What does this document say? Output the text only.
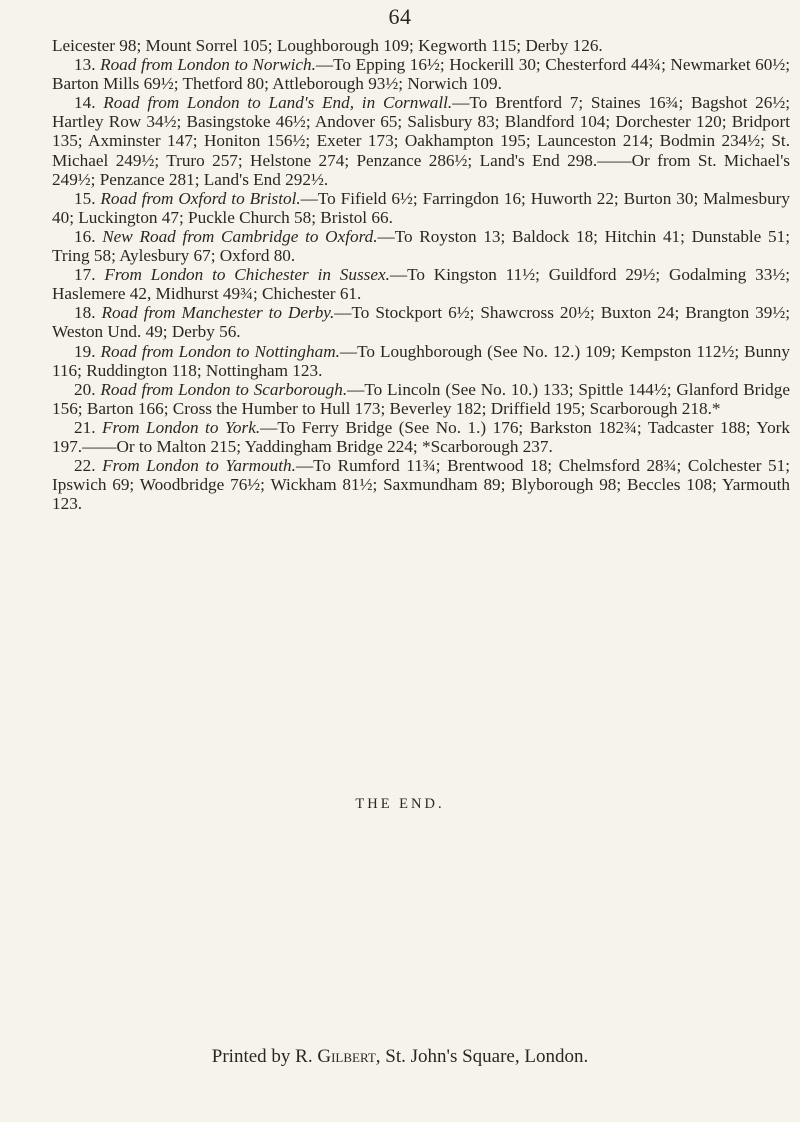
64

Leicester 98; Mount Sorrel 105; Loughborough 109; Kegworth 115; Derby 126.

13. Road from London to Norwich.—To Epping 16½; Hockerill 30; Chesterford 44¾; Newmarket 60½; Barton Mills 69½; Thetford 80; Attleborough 93½; Norwich 109.

14. Road from London to Land's End, in Cornwall.—To Brentford 7; Staines 16¾; Bagshot 26½; Hartley Row 34½; Basingstoke 46½; Andover 65; Salisbury 83; Blandford 104; Dorchester 120; Bridport 135; Axminster 147; Honiton 156½; Exeter 173; Oakhampton 195; Launceston 214; Bodmin 234½; St. Michael 249½; Truro 257; Helstone 274; Penzance 286½; Land's End 298.——Or from St. Michael's 249½; Penzance 281; Land's End 292½.

15. Road from Oxford to Bristol.—To Fifield 6½; Farringdon 16; Huworth 22; Burton 30; Malmesbury 40; Luckington 47; Puckle Church 58; Bristol 66.

16. New Road from Cambridge to Oxford.—To Royston 13; Baldock 18; Hitchin 41; Dunstable 51; Tring 58; Aylesbury 67; Oxford 80.

17. From London to Chichester in Sussex.—To Kingston 11½; Guildford 29½; Godalming 33½; Haslemere 42, Midhurst 49¾; Chichester 61.

18. Road from Manchester to Derby.—To Stockport 6½; Shawcross 20½; Buxton 24; Brangton 39½; Weston Und. 49; Derby 56.

19. Road from London to Nottingham.—To Loughborough (See No. 12.) 109; Kempston 112½; Bunny 116; Ruddington 118; Nottingham 123.

20. Road from London to Scarborough.—To Lincoln (See No. 10.) 133; Spittle 144½; Glanford Bridge 156; Barton 166; Cross the Humber to Hull 173; Beverley 182; Driffield 195; Scarborough 218.*

21. From London to York.—To Ferry Bridge (See No. 1.) 176; Barkston 182¾; Tadcaster 188; York 197.——Or to Malton 215; Yaddingham Bridge 224; *Scarborough 237.

22. From London to Yarmouth.—To Rumford 11¾; Brentwood 18; Chelmsford 28¾; Colchester 51; Ipswich 69; Woodbridge 76½; Wickham 81½; Saxmundham 89; Blyborough 98; Beccles 108; Yarmouth 123.

THE END.
Printed by R. Gilbert, St. John's Square, London.
